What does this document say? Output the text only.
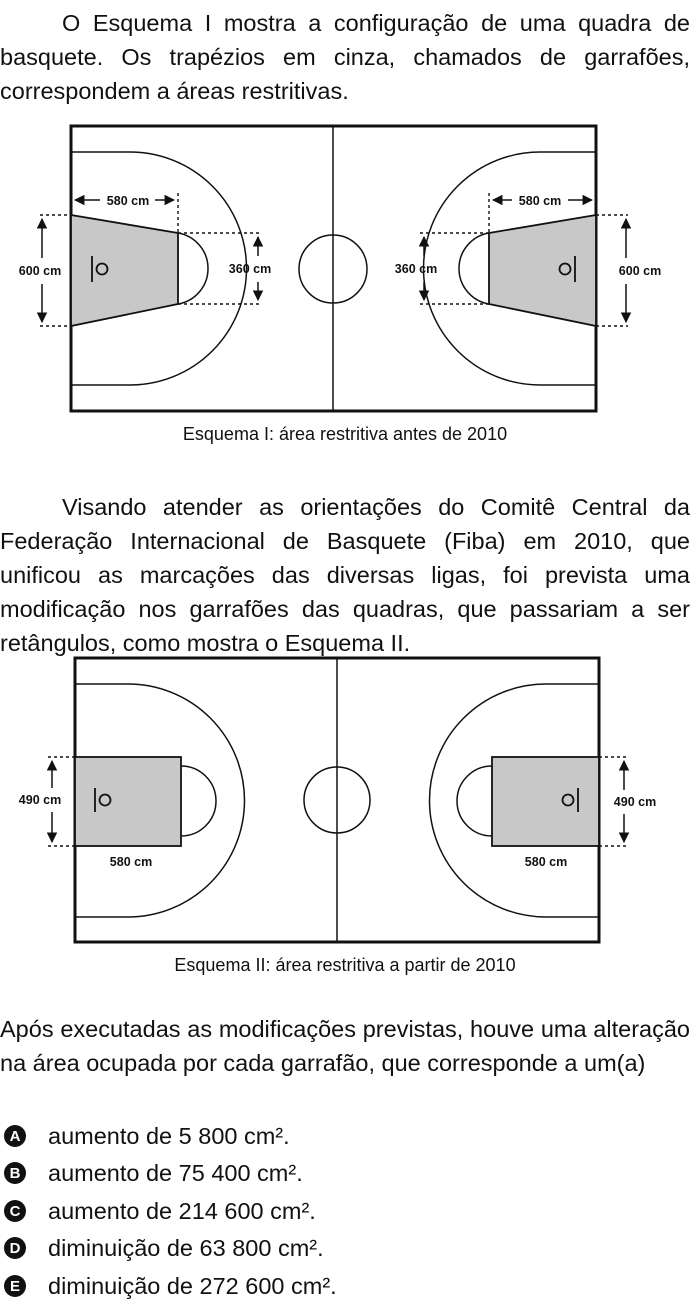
O Esquema I mostra a configuração de uma quadra de basquete. Os trapézios em cinza, chamados de garrafões, correspondem a áreas restritivas.

580 cm
600 cm	360 cm
580 cm
360 cm	600 cm
Esquema I: área restritiva antes de 2010

Visando atender as orientações do Comitê Central da Federação Internacional de Basquete (Fiba) em 2010, que unificou as marcações das diversas ligas, foi prevista uma modificação nos garrafões das quadras, que passariam a ser retângulos, como mostra o Esquema II.

490 cm
580 cm
490 cm
580 cm
Esquema II: área restritiva a partir de 2010

Após executadas as modificações previstas, houve uma alteração na área ocupada por cada garrafão, que corresponde a um(a)

A aumento de 5 800 cm².
B aumento de 75 400 cm².
C aumento de 214 600 cm².
D diminuição de 63 800 cm².
E diminuição de 272 600 cm².
